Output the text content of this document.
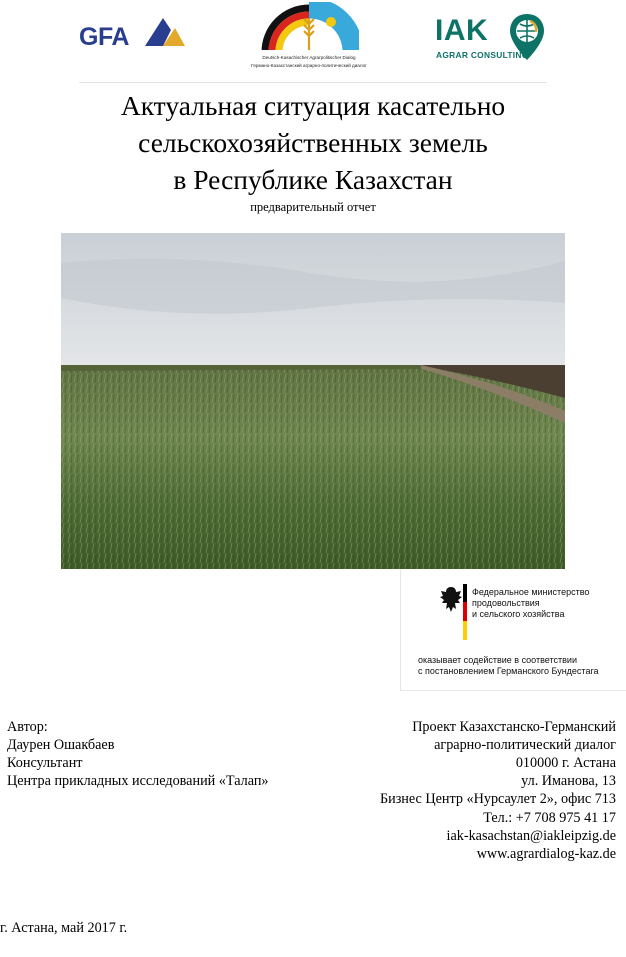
GFA
Deutsch-Kasachischer Agrarpolitischer Dialog
Германо-Казахстанский аграрно-политический диалог
IAK
AGRAR CONSULTING
Актуальная ситуация касательно
сельскохозяйственных земель
в Республике Казахстан
предварительный отчет
Федеральное министерство
продовольствия
и сельского хозяйства
оказывает содействие в соответствии
с постановлением Германского Бундестага
Автор:
Даурен Ошакбаев
Консультант
Центра прикладных исследований «Талап»
Проект Казахстанско-Германский
аграрно-политический диалог
010000 г. Астана
ул. Иманова, 13
Бизнес Центр «Нурсаулет 2», офис 713
Тел.: +7 708 975 41 17
iak-kasachstan@iakleipzig.de
www.agrardialog-kaz.de
г. Астана, май 2017 г.
